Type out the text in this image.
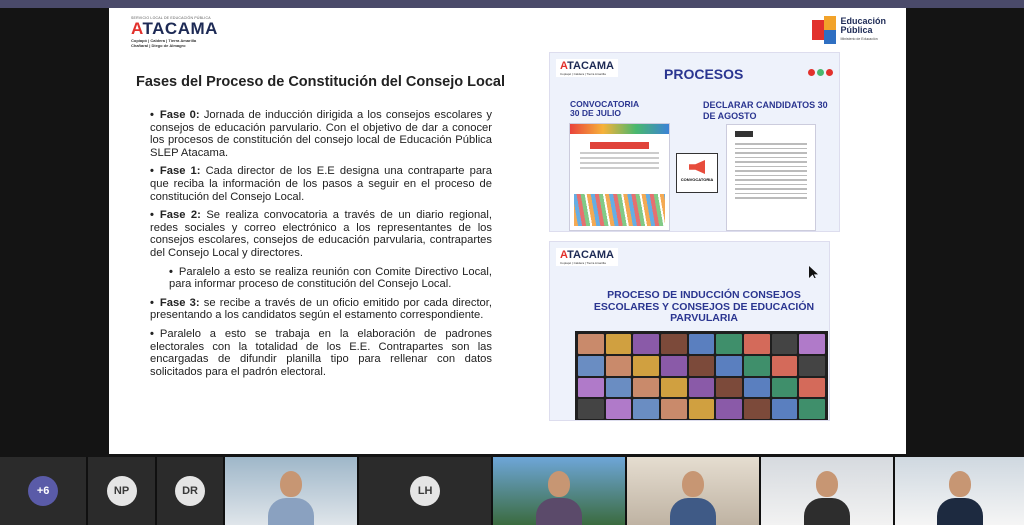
SERVICIO LOCAL DE EDUCACIÓN PÚBLICA
ATACAMA
Copiapó | Caldera | Tierra Amarilla
Chañaral | Diego de Almagro
Educación
Pública
Ministerio de Educación
Fases del Proceso de Constitución del Consejo Local
• Fase 0: Jornada de inducción dirigida a los consejos escolares y consejos de educación parvulario. Con el objetivo de dar a conocer los procesos de constitución del consejo local de Educación Pública SLEP Atacama.
• Fase 1: Cada director de los E.E designa una contraparte para que reciba la información de los pasos a seguir en el proceso de constitución del Consejo Local.
• Fase 2: Se realiza convocatoria a través de un diario regional, redes sociales y correo electrónico a los representantes de los consejos escolares, consejos de educación parvularia, contrapartes del Consejo Local y directores.
• Paralelo a esto se realiza reunión con Comite Directivo Local, para informar proceso de constitución del Consejo Local.
• Fase 3: se recibe a través de un oficio emitido por cada director, presentando a los candidatos según el estamento correspondiente.
• Paralelo a esto se trabaja en la elaboración de padrones electorales con la totalidad de los E.E. Contrapartes son las encargadas de difundir planilla tipo para rellenar con datos solicitados para el padrón electoral.
ATACAMA
Copiapó | Caldera | Tierra Amarilla	PROCESOS
CONVOCATORIA
30 DE JULIO
DECLARAR CANDIDATOS 30 DE AGOSTO
CONVOCATORIA
ATACAMA
Copiapó | Caldera | Tierra Amarilla
PROCESO DE INDUCCIÓN CONSEJOS ESCOLARES Y CONSEJOS DE EDUCACIÓN PARVULARIA
+6	NP	DR	LH
